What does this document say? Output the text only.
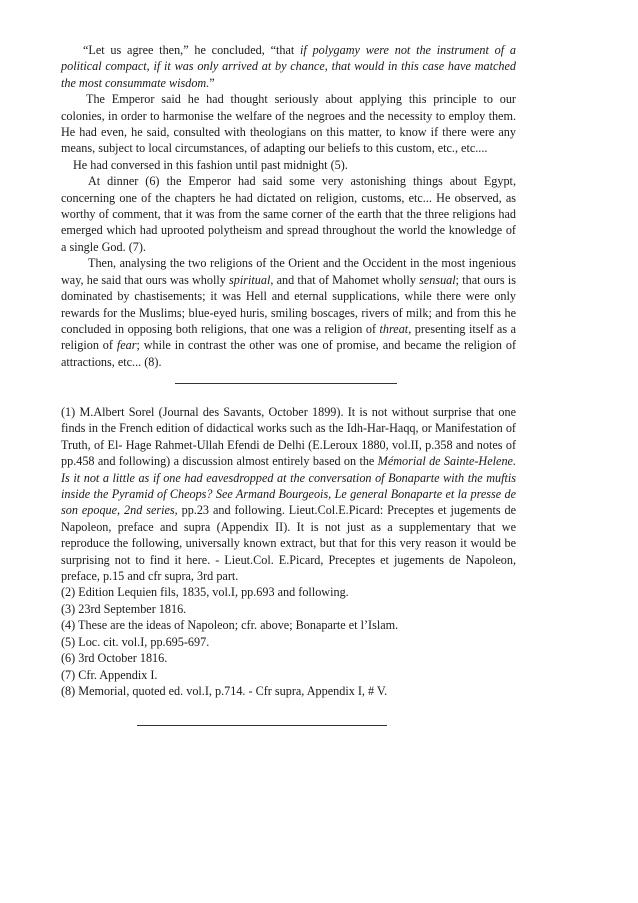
“Let us agree then,” he concluded, “that if polygamy were not the instrument of a political compact, if it was only arrived at by chance, that would in this case have matched the most consummate wisdom.”

The Emperor said he had thought seriously about applying this principle to our colonies, in order to harmonise the welfare of the negroes and the necessity to employ them. He had even, he said, consulted with theologians on this matter, to know if there were any means, subject to local circumstances, of adapting our beliefs to this custom, etc., etc....

He had conversed in this fashion until past midnight (5).

At dinner (6) the Emperor had said some very astonishing things about Egypt, concerning one of the chapters he had dictated on religion, customs, etc... He observed, as worthy of comment, that it was from the same corner of the earth that the three religions had emerged which had uprooted polytheism and spread throughout the world the knowledge of a single God. (7).

Then, analysing the two religions of the Orient and the Occident in the most ingenious way, he said that ours was wholly spiritual, and that of Mahomet wholly sensual; that ours is dominated by chastisements; it was Hell and eternal supplications, while there were only rewards for the Muslims; blue-eyed huris, smiling boscages, rivers of milk; and from this he concluded in opposing both religions, that one was a religion of threat, presenting itself as a religion of fear; while in contrast the other was one of promise, and became the religion of attractions, etc... (8).

(1) M.Albert Sorel (Journal des Savants, October 1899). It is not without surprise that one finds in the French edition of didactical works such as the Idh-Har-Haqq, or Manifestation of Truth, of El- Hage Rahmet-Ullah Efendi de Delhi (E.Leroux 1880, vol.II, p.358 and notes of pp.458 and following) a discussion almost entirely based on the Mémorial de Sainte-Helene. Is it not a little as if one had eavesdropped at the conversation of Bonaparte with the muftis inside the Pyramid of Cheops? See Armand Bourgeois, Le general Bonaparte et la presse de son epoque, 2nd series, pp.23 and following. Lieut.Col.E.Picard: Preceptes et jugements de Napoleon, preface and supra (Appendix II). It is not just as a supplementary that we reproduce the following, universally known extract, but that for this very reason it would be surprising not to find it here. - Lieut.Col. E.Picard, Preceptes et jugements de Napoleon, preface, p.15 and cfr supra, 3rd part.

(2) Edition Lequien fils, 1835, vol.I, pp.693 and following.

(3) 23rd September 1816.

(4) These are the ideas of Napoleon; cfr. above; Bonaparte et l’Islam.

(5) Loc. cit. vol.I, pp.695-697.

(6) 3rd October 1816.

(7) Cfr. Appendix I.

(8) Memorial, quoted ed. vol.I, p.714. - Cfr supra, Appendix I, # V.
